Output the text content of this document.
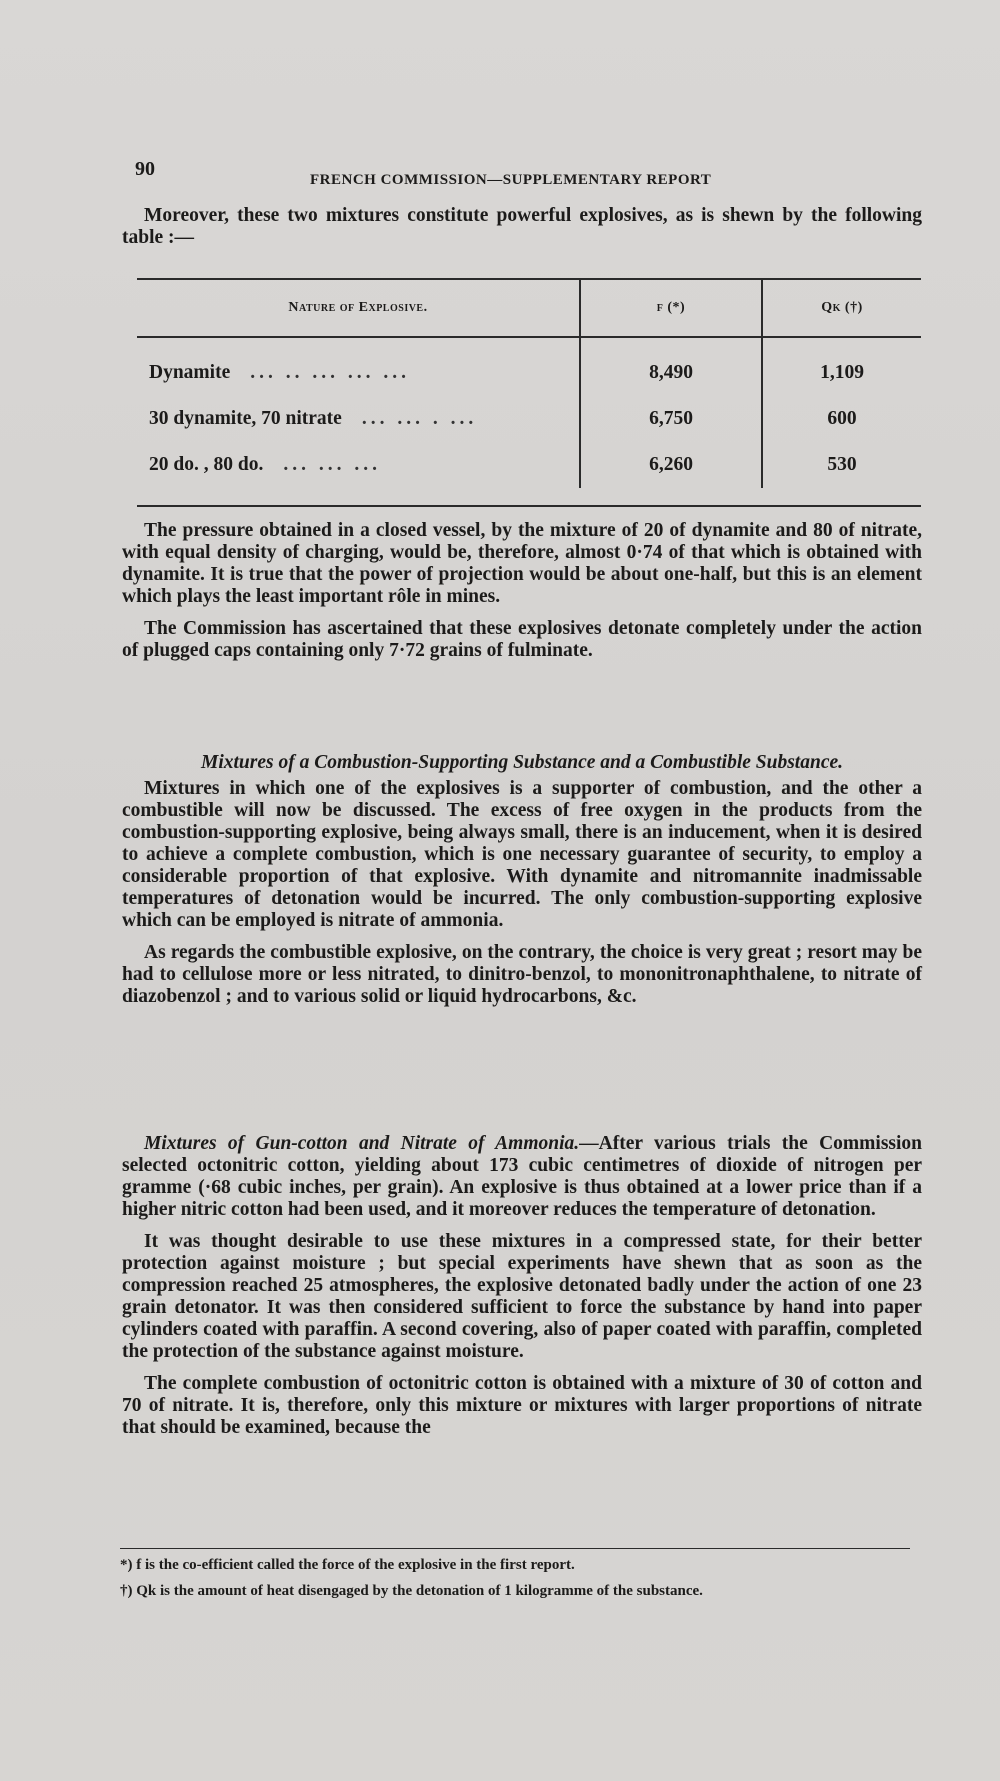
90	FRENCH COMMISSION—SUPPLEMENTARY REPORT

Moreover, these two mixtures constitute powerful explosives, as is shewn by the following table :—

Nature of Explosive.	f (*)	Qk (†)
Dynamite ... .. ... ... ...	8,490	1,109
30 dynamite, 70 nitrate ... ... . ...	6,750	600
20 do. , 80 do. ... ... ...	6,260	530

The pressure obtained in a closed vessel, by the mixture of 20 of dynamite and 80 of nitrate, with equal density of charging, would be, therefore, almost 0·74 of that which is obtained with dynamite. It is true that the power of projection would be about one-half, but this is an element which plays the least important rôle in mines.

The Commission has ascertained that these explosives detonate completely under the action of plugged caps containing only 7·72 grains of fulminate.

Mixtures of a Combustion-Supporting Substance and a Combustible Substance.

Mixtures in which one of the explosives is a supporter of combustion, and the other a combustible will now be discussed. The excess of free oxygen in the products from the combustion-supporting explosive, being always small, there is an inducement, when it is desired to achieve a complete combustion, which is one necessary guarantee of security, to employ a considerable proportion of that explosive. With dynamite and nitromannite inadmissable temperatures of detonation would be incurred. The only combustion-supporting explosive which can be employed is nitrate of ammonia.

As regards the combustible explosive, on the contrary, the choice is very great ; resort may be had to cellulose more or less nitrated, to dinitro-benzol, to mononitronaphthalene, to nitrate of diazobenzol ; and to various solid or liquid hydrocarbons, &c.

Mixtures of Gun-cotton and Nitrate of Ammonia.—After various trials the Commission selected octonitric cotton, yielding about 173 cubic centimetres of dioxide of nitrogen per gramme (·68 cubic inches, per grain). An explosive is thus obtained at a lower price than if a higher nitric cotton had been used, and it moreover reduces the temperature of detonation.

It was thought desirable to use these mixtures in a compressed state, for their better protection against moisture ; but special experiments have shewn that as soon as the compression reached 25 atmospheres, the explosive detonated badly under the action of one 23 grain detonator. It was then considered sufficient to force the substance by hand into paper cylinders coated with paraffin. A second covering, also of paper coated with paraffin, completed the protection of the substance against moisture.

The complete combustion of octonitric cotton is obtained with a mixture of 30 of cotton and 70 of nitrate. It is, therefore, only this mixture or mixtures with larger proportions of nitrate that should be examined, because the

*) f is the co-efficient called the force of the explosive in the first report.
†) Qk is the amount of heat disengaged by the detonation of 1 kilogramme of the substance.
